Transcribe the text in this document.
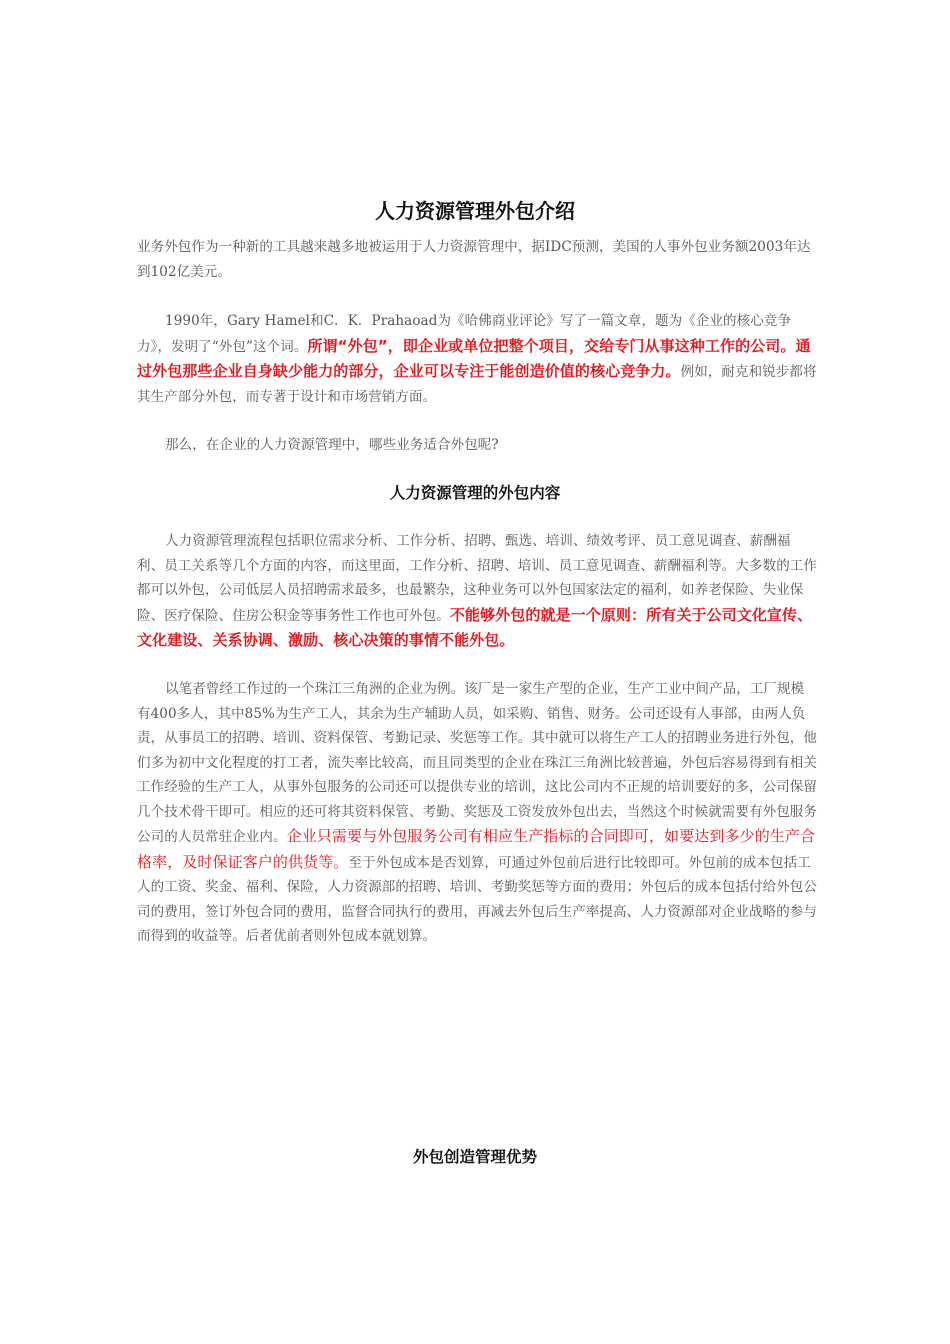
人力资源管理外包介绍

业务外包作为一种新的工具越来越多地被运用于人力资源管理中，据IDC预测，美国的人事外包业务额2003年达到102亿美元。

1990年，Gary Hamel和C．K．Prahaoad为《哈佛商业评论》写了一篇文章，题为《企业的核心竞争力》，发明了“外包”这个词。所谓“外包”，即企业或单位把整个项目，交给专门从事这种工作的公司。通过外包那些企业自身缺少能力的部分，企业可以专注于能创造价值的核心竞争力。例如，耐克和锐步都将其生产部分外包，而专著于设计和市场营销方面。

那么，在企业的人力资源管理中，哪些业务适合外包呢?

人力资源管理的外包内容

人力资源管理流程包括职位需求分析、工作分析、招聘、甄选、培训、绩效考评、员工意见调查、薪酬福利、员工关系等几个方面的内容，而这里面，工作分析、招聘、培训、员工意见调查、薪酬福利等。大多数的工作都可以外包，公司低层人员招聘需求最多，也最繁杂，这种业务可以外包国家法定的福利，如养老保险、失业保险、医疗保险、住房公积金等事务性工作也可外包。不能够外包的就是一个原则：所有关于公司文化宣传、文化建设、关系协调、激励、核心决策的事情不能外包。

以笔者曾经工作过的一个珠江三角洲的企业为例。该厂是一家生产型的企业，生产工业中间产品，工厂规模有400多人，其中85%为生产工人，其余为生产辅助人员，如采购、销售、财务。公司还设有人事部，由两人负责，从事员工的招聘、培训、资料保管、考勤记录、奖惩等工作。其中就可以将生产工人的招聘业务进行外包，他们多为初中文化程度的打工者，流失率比较高，而且同类型的企业在珠江三角洲比较普遍，外包后容易得到有相关工作经验的生产工人，从事外包服务的公司还可以提供专业的培训，这比公司内不正规的培训要好的多，公司保留几个技术骨干即可。相应的还可将其资料保管、考勤、奖惩及工资发放外包出去，当然这个时候就需要有外包服务公司的人员常驻企业内。企业只需要与外包服务公司有相应生产指标的合同即可，如要达到多少的生产合格率，及时保证客户的供货等。至于外包成本是否划算，可通过外包前后进行比较即可。外包前的成本包括工人的工资、奖金、福利、保险，人力资源部的招聘、培训、考勤奖惩等方面的费用；外包后的成本包括付给外包公司的费用，签订外包合同的费用，监督合同执行的费用，再减去外包后生产率提高、人力资源部对企业战略的参与而得到的收益等。后者优前者则外包成本就划算。

外包创造管理优势
